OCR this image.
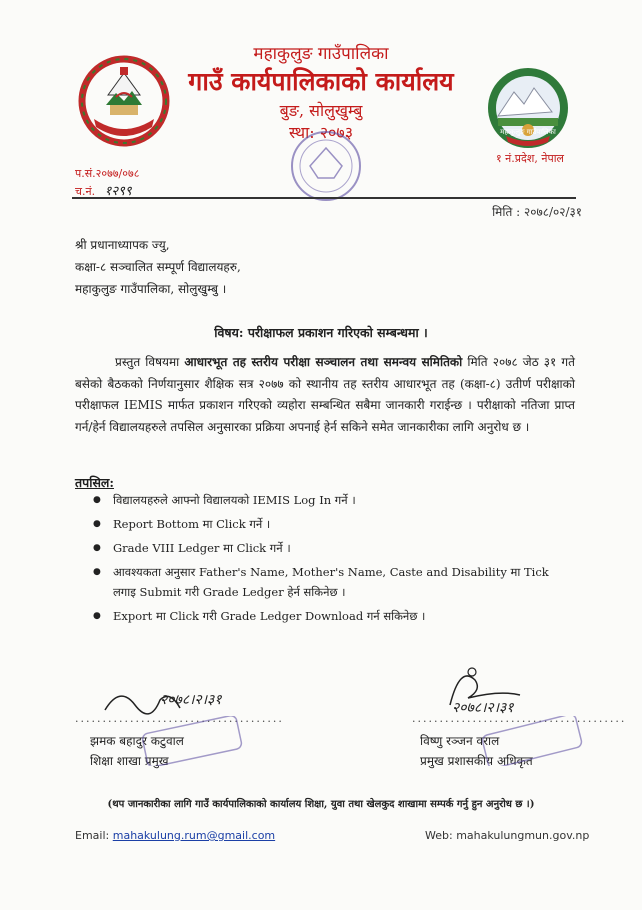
महाकुलुङ गाउँपालिका
महाकुलुङ गाउँपालिका
गाउँ कार्यपालिकाको कार्यालय
बुङ, सोलुखुम्बु
स्था: २०७३
१ नं.प्रदेश, नेपाल
प.सं.२०७७/०७८
च.नं. १२९९
मिति : २०७८/०२/३१
श्री प्रधानाध्यापक ज्यु,
कक्षा-८ सञ्चालित सम्पूर्ण विद्यालयहरु,
महाकुलुङ गाउँपालिका, सोलुखुम्बु ।
विषय: परीक्षाफल प्रकाशन गरिएको सम्बन्धमा ।
प्रस्तुत विषयमा आधारभूत तह स्तरीय परीक्षा सञ्चालन तथा समन्वय समितिको मिति २०७८ जेठ ३१ गते बसेको बैठकको निर्णयानुसार शैक्षिक सत्र २०७७ को स्थानीय तह स्तरीय आधारभूत तह (कक्षा-८) उतीर्ण परीक्षाको परीक्षाफल IEMIS मार्फत प्रकाशन गरिएको व्यहोरा सम्बन्धित सबैमा जानकारी गराईन्छ । परीक्षाको नतिजा प्राप्त गर्न/हेर्न विद्यालयहरुले तपसिल अनुसारका प्रक्रिया अपनाई हेर्न सकिने समेत जानकारीका लागि अनुरोध छ ।
तपसिल:
● विद्यालयहरुले आफ्नो विद्यालयको IEMIS Log In गर्ने ।
● Report Bottom मा Click गर्ने ।
● Grade VIII Ledger मा Click गर्ने ।
● आवश्यकता अनुसार Father's Name, Mother's Name, Caste and Disability मा Tick लगाइ Submit गरी Grade Ledger हेर्न सकिनेछ ।
● Export मा Click गरी Grade Ledger Download गर्न सकिनेछ ।
२०७८।२।३१
......................................
झमक बहादुर कटुवाल
शिक्षा शाखा प्रमुख
२०७८।२।३१
.......................................
विष्णु रञ्जन वराल
प्रमुख प्रशासकीय अधिकृत
(थप जानकारीका लागि गाउँ कार्यपालिकाको कार्यालय शिक्षा, युवा तथा खेलकुद शाखामा सम्पर्क गर्नु हुन अनुरोध छ ।)
Email: mahakulung.rum@gmail.com	Web: mahakulungmun.gov.np
